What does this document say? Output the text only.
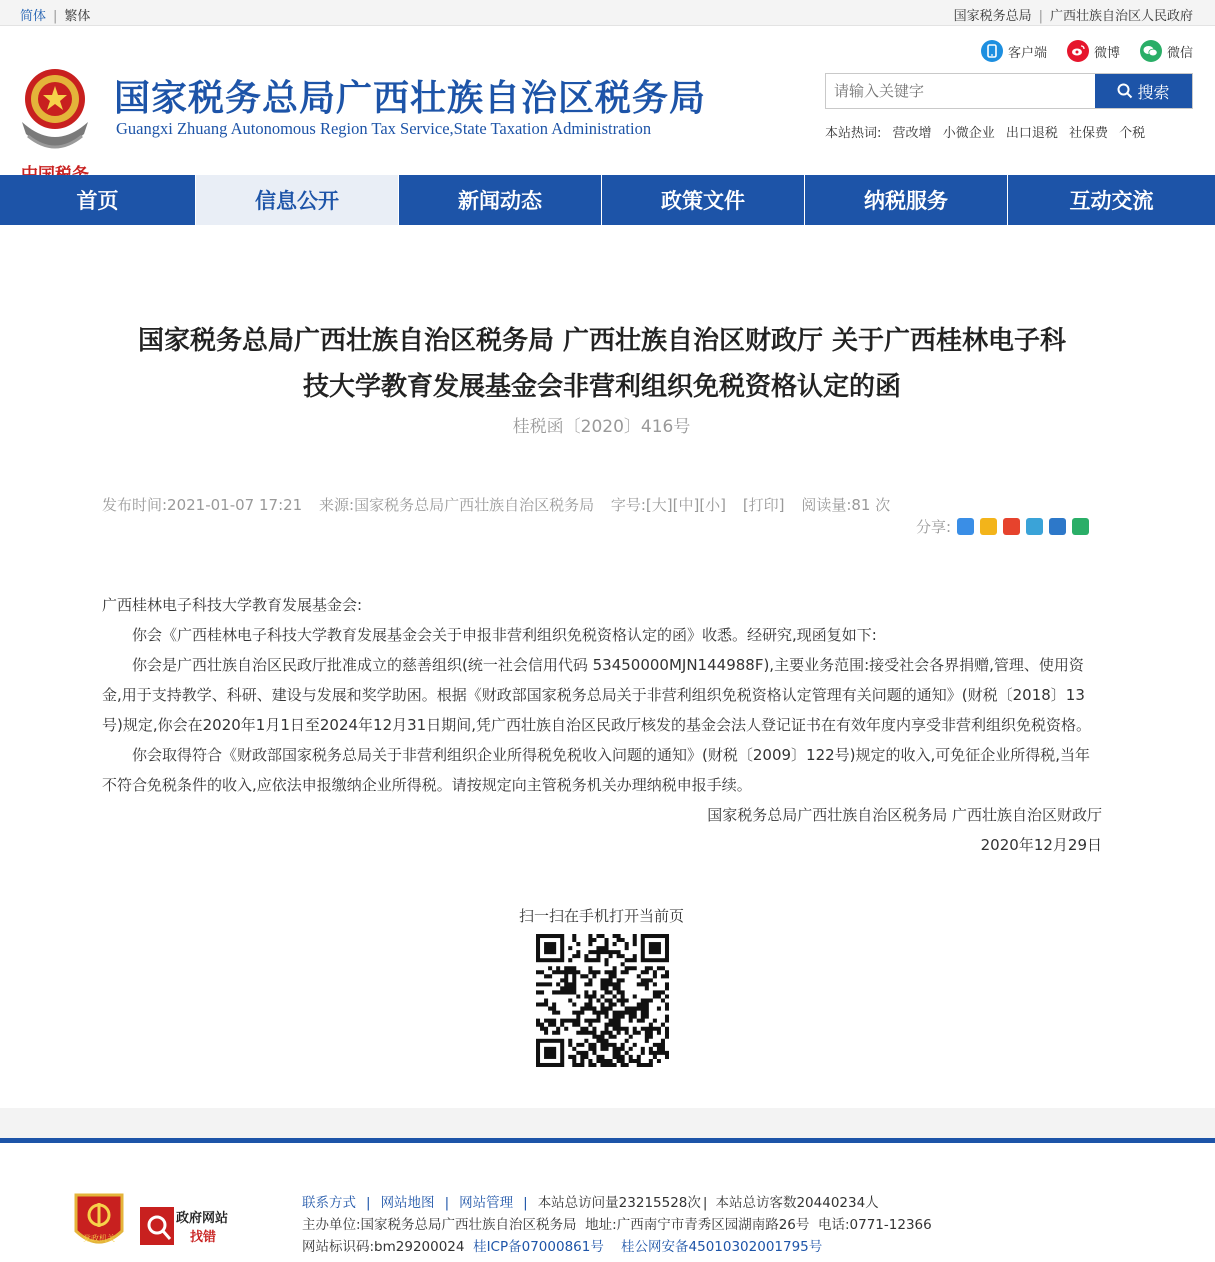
简体 | 繁体	国家税务总局 | 广西壮族自治区人民政府
国家税务总局广西壮族自治区税务局
Guangxi Zhuang Autonomous Region Tax Service,State Taxation Administration
客户端	微博	微信
请输入关键字
搜索
本站热词: 营改增 小微企业 出口退税 社保费 个税
首页	信息公开	新闻动态	政策文件	纳税服务	互动交流
国家税务总局广西壮族自治区税务局 广西壮族自治区财政厅 关于广西桂林电子科
技大学教育发展基金会非营利组织免税资格认定的函
桂税函〔2020〕416号
发布时间:2021-01-07 17:21 来源:国家税务总局广西壮族自治区税务局 字号:[大][中][小] [打印] 阅读量:81 次
分享:

广西桂林电子科技大学教育发展基金会:

你会《广西桂林电子科技大学教育发展基金会关于申报非营利组织免税资格认定的函》收悉。经研究,现函复如下:

你会是广西壮族自治区民政厅批准成立的慈善组织(统一社会信用代码 53450000MJN144988F),主要业务范围:接受社会各界捐赠,管理、使用资金,用于支持教学、科研、建设与发展和奖学助困。根据《财政部国家税务总局关于非营利组织免税资格认定管理有关问题的通知》(财税〔2018〕13号)规定,你会在2020年1月1日至2024年12月31日期间,凭广西壮族自治区民政厅核发的基金会法人登记证书在有效年度内享受非营利组织免税资格。

你会取得符合《财政部国家税务总局关于非营利组织企业所得税免税收入问题的通知》(财税〔2009〕122号)规定的收入,可免征企业所得税,当年不符合免税条件的收入,应依法申报缴纳企业所得税。请按规定向主管税务机关办理纳税申报手续。

国家税务总局广西壮族自治区税务局 广西壮族自治区财政厅

2020年12月29日

扫一扫在手机打开当前页
党政机关
政府网站
找错
联系方式 | 网站地图 | 网站管理 | 本站总访问量23215528次 | 本站总访客数20440234人
主办单位:国家税务总局广西壮族自治区税务局 地址:广西南宁市青秀区园湖南路26号 电话:0771-12366
网站标识码:bm29200024 桂ICP备07000861号 桂公网安备45010302001795号
